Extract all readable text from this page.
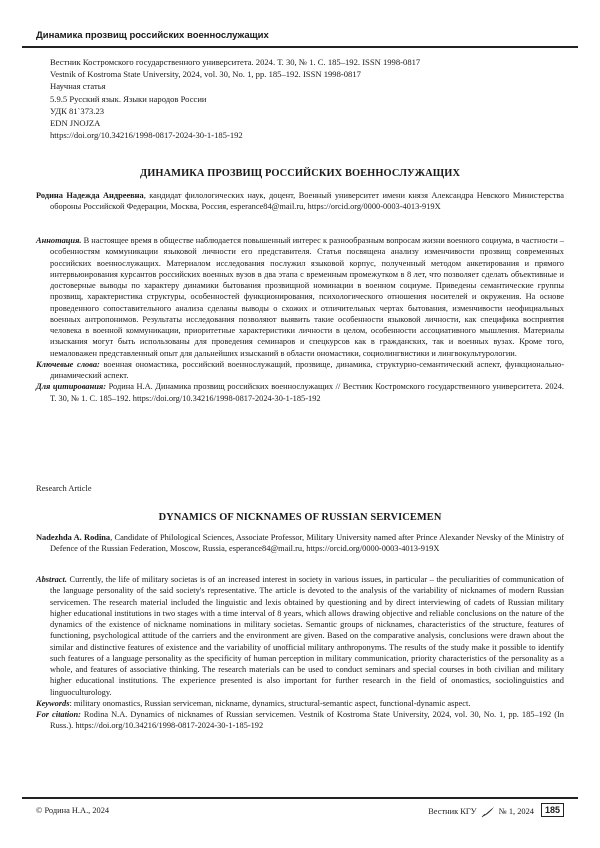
Динамика прозвищ российских военнослужащих
Вестник Костромского государственного университета. 2024. Т. 30, № 1. С. 185–192. ISSN 1998-0817
Vestnik of Kostroma State University, 2024, vol. 30, No. 1, pp. 185–192. ISSN 1998-0817
Научная статья
5.9.5 Русский язык. Языки народов России
УДК 81`373.23
EDN JNOJZA
https://doi.org/10.34216/1998-0817-2024-30-1-185-192
ДИНАМИКА ПРОЗВИЩ РОССИЙСКИХ ВОЕННОСЛУЖАЩИХ
Родина Надежда Андреевна, кандидат филологических наук, доцент, Военный университет имени князя Александра Невского Министерства обороны Российской Федерации, Москва, Россия, esperance84@mail.ru, https://orcid.org/0000-0003-4013-919X
Аннотация. В настоящее время в обществе наблюдается повышенный интерес к разнообразным вопросам жизни военного социума, в частности – особенностям коммуникации языковой личности его представителя. Статья посвящена анализу изменчивости прозвищ современных российских военнослужащих. Материалом исследования послужил языковой корпус, полученный методом анкетирования и прямого интервьюирования курсантов российских военных вузов в два этапа с временным промежутком в 8 лет, что позволяет сделать объективные и достоверные выводы по характеру динамики бытования прозвищной номинации в военном социуме. Приведены семантические группы прозвищ, характеристика структуры, особенностей функционирования, психологического отношения носителей и окружения. На основе проведенного сопоставительного анализа сделаны выводы о схожих и отличительных чертах бытования, изменчивости неофициальных военных антропонимов. Результаты исследования позволяют выявить такие особенности языковой личности, как специфика восприятия человека в военной коммуникации, приоритетные характеристики личности в целом, особенности ассоциативного мышления. Материалы изыскания могут быть использованы для проведения семинаров и спецкурсов как в гражданских, так и военных вузах. Кроме того, немаловажен представленный опыт для дальнейших изысканий в области ономастики, социолингвистики и лингвокультурологии.
Ключевые слова: военная ономастика, российский военнослужащий, прозвище, динамика, структурно-семантический аспект, функционально-динамический аспект.
Для цитирования: Родина Н.А. Динамика прозвищ российских военнослужащих // Вестник Костромского государственного университета. 2024. Т. 30, № 1. С. 185–192. https://doi.org/10.34216/1998-0817-2024-30-1-185-192
Research Article
DYNAMICS OF NICKNAMES OF RUSSIAN SERVICEMEN
Nadezhda A. Rodina, Candidate of Philological Sciences, Associate Professor, Military University named after Prince Alexander Nevsky of the Ministry of Defence of the Russian Federation, Moscow, Russia, esperance84@mail.ru, https://orcid.org/0000-0003-4013-919X
Abstract. Currently, the life of military societas is of an increased interest in society in various issues, in particular – the peculiarities of communication of the language personality of the said society's representative. The article is devoted to the analysis of the variability of nicknames of modern Russian servicemen. The research material included the linguistic and lexis obtained by questioning and by direct interviewing of cadets of Russian military higher educational institutions in two stages with a time interval of 8 years, which allows drawing objective and reliable conclusions on the nature of the dynamics of the existence of nickname nominations in military societas. Semantic groups of nicknames, characteristics of the structure, features of functioning, psychological attitude of the carriers and the environment are given. Based on the comparative analysis, conclusions were drawn about the similar and distinctive features of existence and the variability of unofficial military anthroponyms. The results of the study make it possible to identify such features of a language personality as the specificity of human perception in military communication, priority characteristics of the personality as a whole, and features of associative thinking. The research materials can be used to conduct seminars and special courses in both civilian and military higher educational institutions. The experience presented is also important for further research in the field of onomastics, sociolinguistics and linguoculturology.
Keywords: military onomastics, Russian serviceman, nickname, dynamics, structural-semantic aspect, functional-dynamic aspect.
For citation: Rodina N.A. Dynamics of nicknames of Russian servicemen. Vestnik of Kostroma State University, 2024, vol. 30, No. 1, pp. 185–192 (In Russ.). https://doi.org/10.34216/1998-0817-2024-30-1-185-192
© Родина Н.А., 2024	Вестник КГУ	№ 1, 2024	185
